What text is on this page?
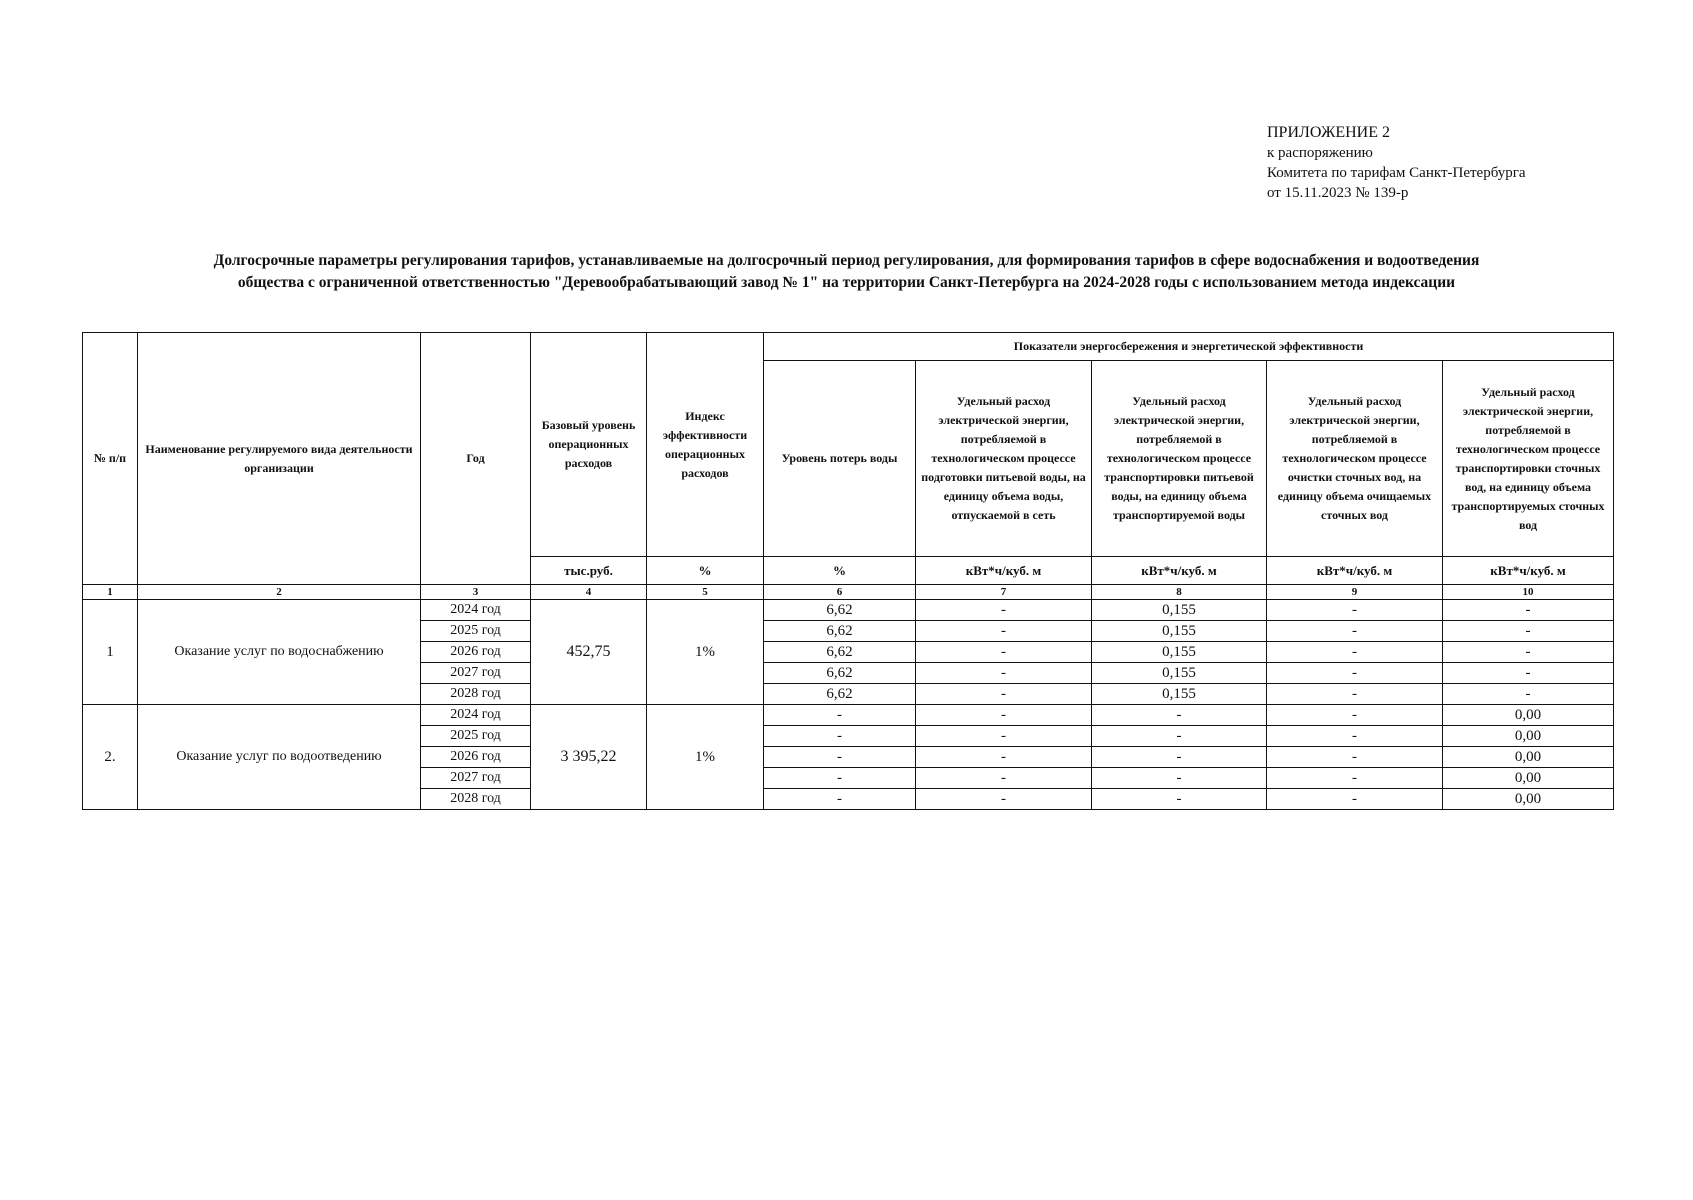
ПРИЛОЖЕНИЕ 2
к распоряжению
Комитета по тарифам Санкт-Петербурга
от 15.11.2023 № 139-р
Долгосрочные параметры регулирования тарифов, устанавливаемые на долгосрочный период регулирования, для формирования тарифов в сфере водоснабжения и водоотведения
общества с ограниченной ответственностью "Деревообрабатывающий завод № 1" на территории Санкт-Петербурга на 2024-2028 годы с использованием метода индексации
№ п/п	Наименование регулируемого вида деятельности организации	Год	Базовый уровень операционных расходов	Индекс эффективности операционных расходов	Показатели энергосбережения и энергетической эффективности				
					Уровень потерь воды	Удельный расход электрической энергии, потребляемой в технологическом процессе подготовки питьевой воды, на единицу объема воды, отпускаемой в сеть	Удельный расход электрической энергии, потребляемой в технологическом процессе транспортировки питьевой воды, на единицу объема транспортируемой воды	Удельный расход электрической энергии, потребляемой в технологическом процессе очистки сточных вод, на единицу объема очищаемых сточных вод	Удельный расход электрической энергии, потребляемой в технологическом процессе транспортировки сточных вод, на единицу объема транспортируемых сточных вод
			тыс.руб.	%	%	кВт*ч/куб. м	кВт*ч/куб. м	кВт*ч/куб. м	кВт*ч/куб. м
1	2	3	4	5	6	7	8	9	10
1	Оказание услуг по водоснабжению	2024 год	452,75	1%	6,62	-	0,155	-	-
		2025 год			6,62	-	0,155	-	-
		2026 год			6,62	-	0,155	-	-
		2027 год			6,62	-	0,155	-	-
		2028 год			6,62	-	0,155	-	-
2.	Оказание услуг по водоотведению	2024 год	3 395,22	1%	-	-	-	-	0,00
		2025 год			-	-	-	-	0,00
		2026 год			-	-	-	-	0,00
		2027 год			-	-	-	-	0,00
		2028 год			-	-	-	-	0,00
